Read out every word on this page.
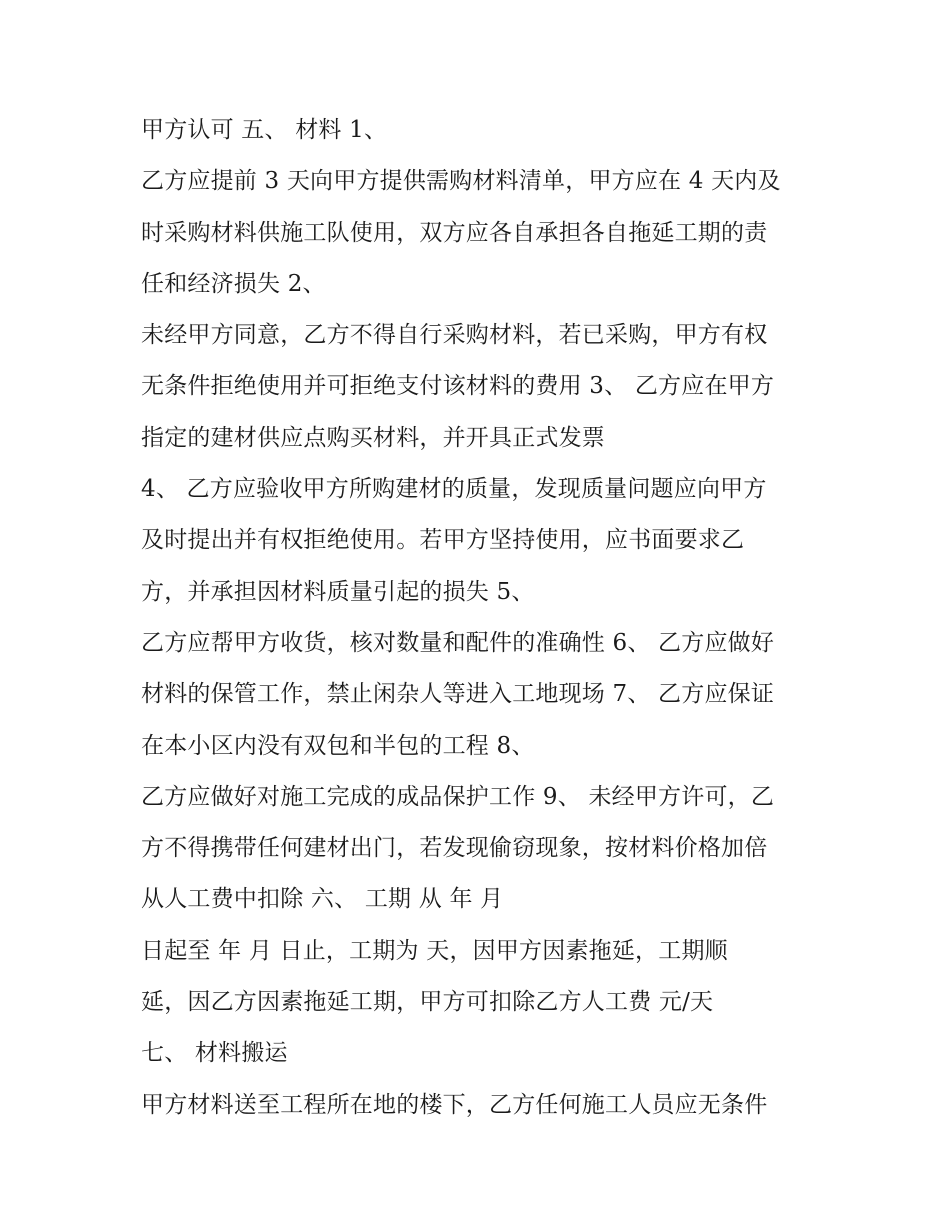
甲方认可 五、 材料 1、
乙方应提前 3 天向甲方提供需购材料清单，甲方应在 4 天内及
时采购材料供施工队使用，双方应各自承担各自拖延工期的责
任和经济损失 2、
未经甲方同意，乙方不得自行采购材料，若已采购，甲方有权
无条件拒绝使用并可拒绝支付该材料的费用 3、 乙方应在甲方
指定的建材供应点购买材料，并开具正式发票
4、 乙方应验收甲方所购建材的质量，发现质量问题应向甲方
及时提出并有权拒绝使用。若甲方坚持使用，应书面要求乙
方，并承担因材料质量引起的损失 5、
乙方应帮甲方收货，核对数量和配件的准确性 6、 乙方应做好
材料的保管工作，禁止闲杂人等进入工地现场 7、 乙方应保证
在本小区内没有双包和半包的工程 8、
乙方应做好对施工完成的成品保护工作 9、 未经甲方许可，乙
方不得携带任何建材出门，若发现偷窃现象，按材料价格加倍
从人工费中扣除 六、 工期 从 年 月
日起至 年 月 日止，工期为 天，因甲方因素拖延，工期顺
延，因乙方因素拖延工期，甲方可扣除乙方人工费 元/天
七、 材料搬运
甲方材料送至工程所在地的楼下，乙方任何施工人员应无条件
